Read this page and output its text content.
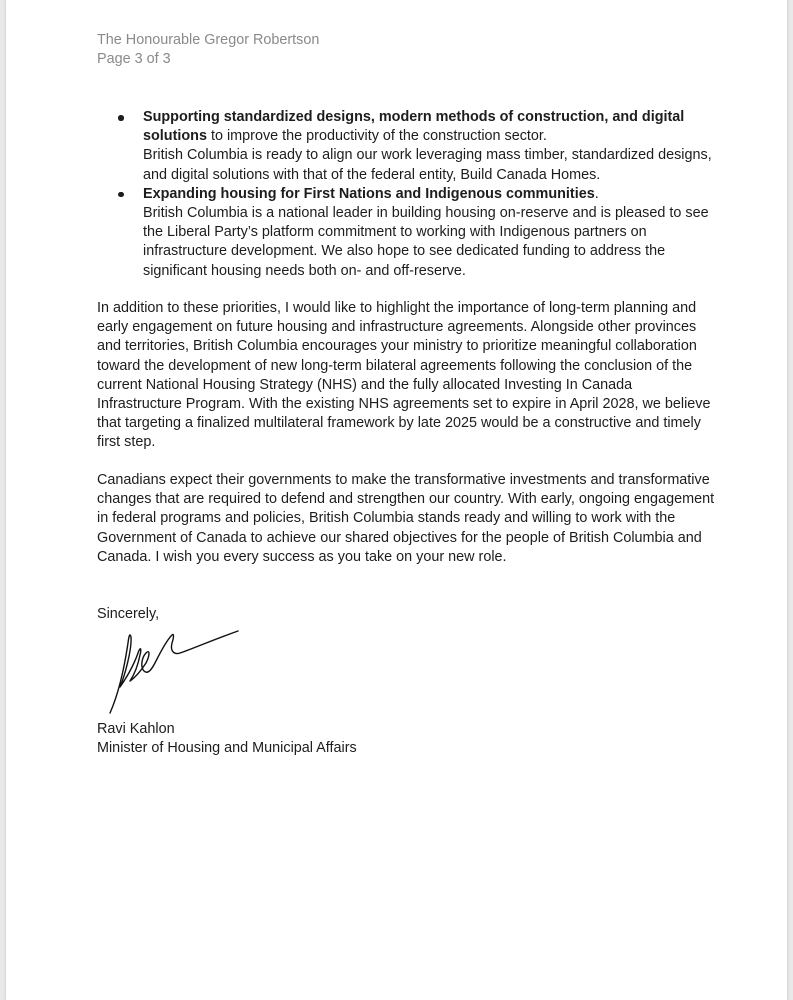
The Honourable Gregor Robertson
Page 3 of 3

Supporting standardized designs, modern methods of construction, and digital solutions to improve the productivity of the construction sector.

British Columbia is ready to align our work leveraging mass timber, standardized designs, and digital solutions with that of the federal entity, Build Canada Homes.

Expanding housing for First Nations and Indigenous communities.

British Columbia is a national leader in building housing on-reserve and is pleased to see the Liberal Party’s platform commitment to working with Indigenous partners on infrastructure development. We also hope to see dedicated funding to address the significant housing needs both on- and off-reserve.

In addition to these priorities, I would like to highlight the importance of long-term planning and early engagement on future housing and infrastructure agreements. Alongside other provinces and territories, British Columbia encourages your ministry to prioritize meaningful collaboration toward the development of new long-term bilateral agreements following the conclusion of the current National Housing Strategy (NHS) and the fully allocated Investing In Canada Infrastructure Program. With the existing NHS agreements set to expire in April 2028, we believe that targeting a finalized multilateral framework by late 2025 would be a constructive and timely first step.

Canadians expect their governments to make the transformative investments and transformative changes that are required to defend and strengthen our country. With early, ongoing engagement in federal programs and policies, British Columbia stands ready and willing to work with the Government of Canada to achieve our shared objectives for the people of British Columbia and Canada. I wish you every success as you take on your new role.

Sincerely,

Ravi Kahlon

Minister of Housing and Municipal Affairs
